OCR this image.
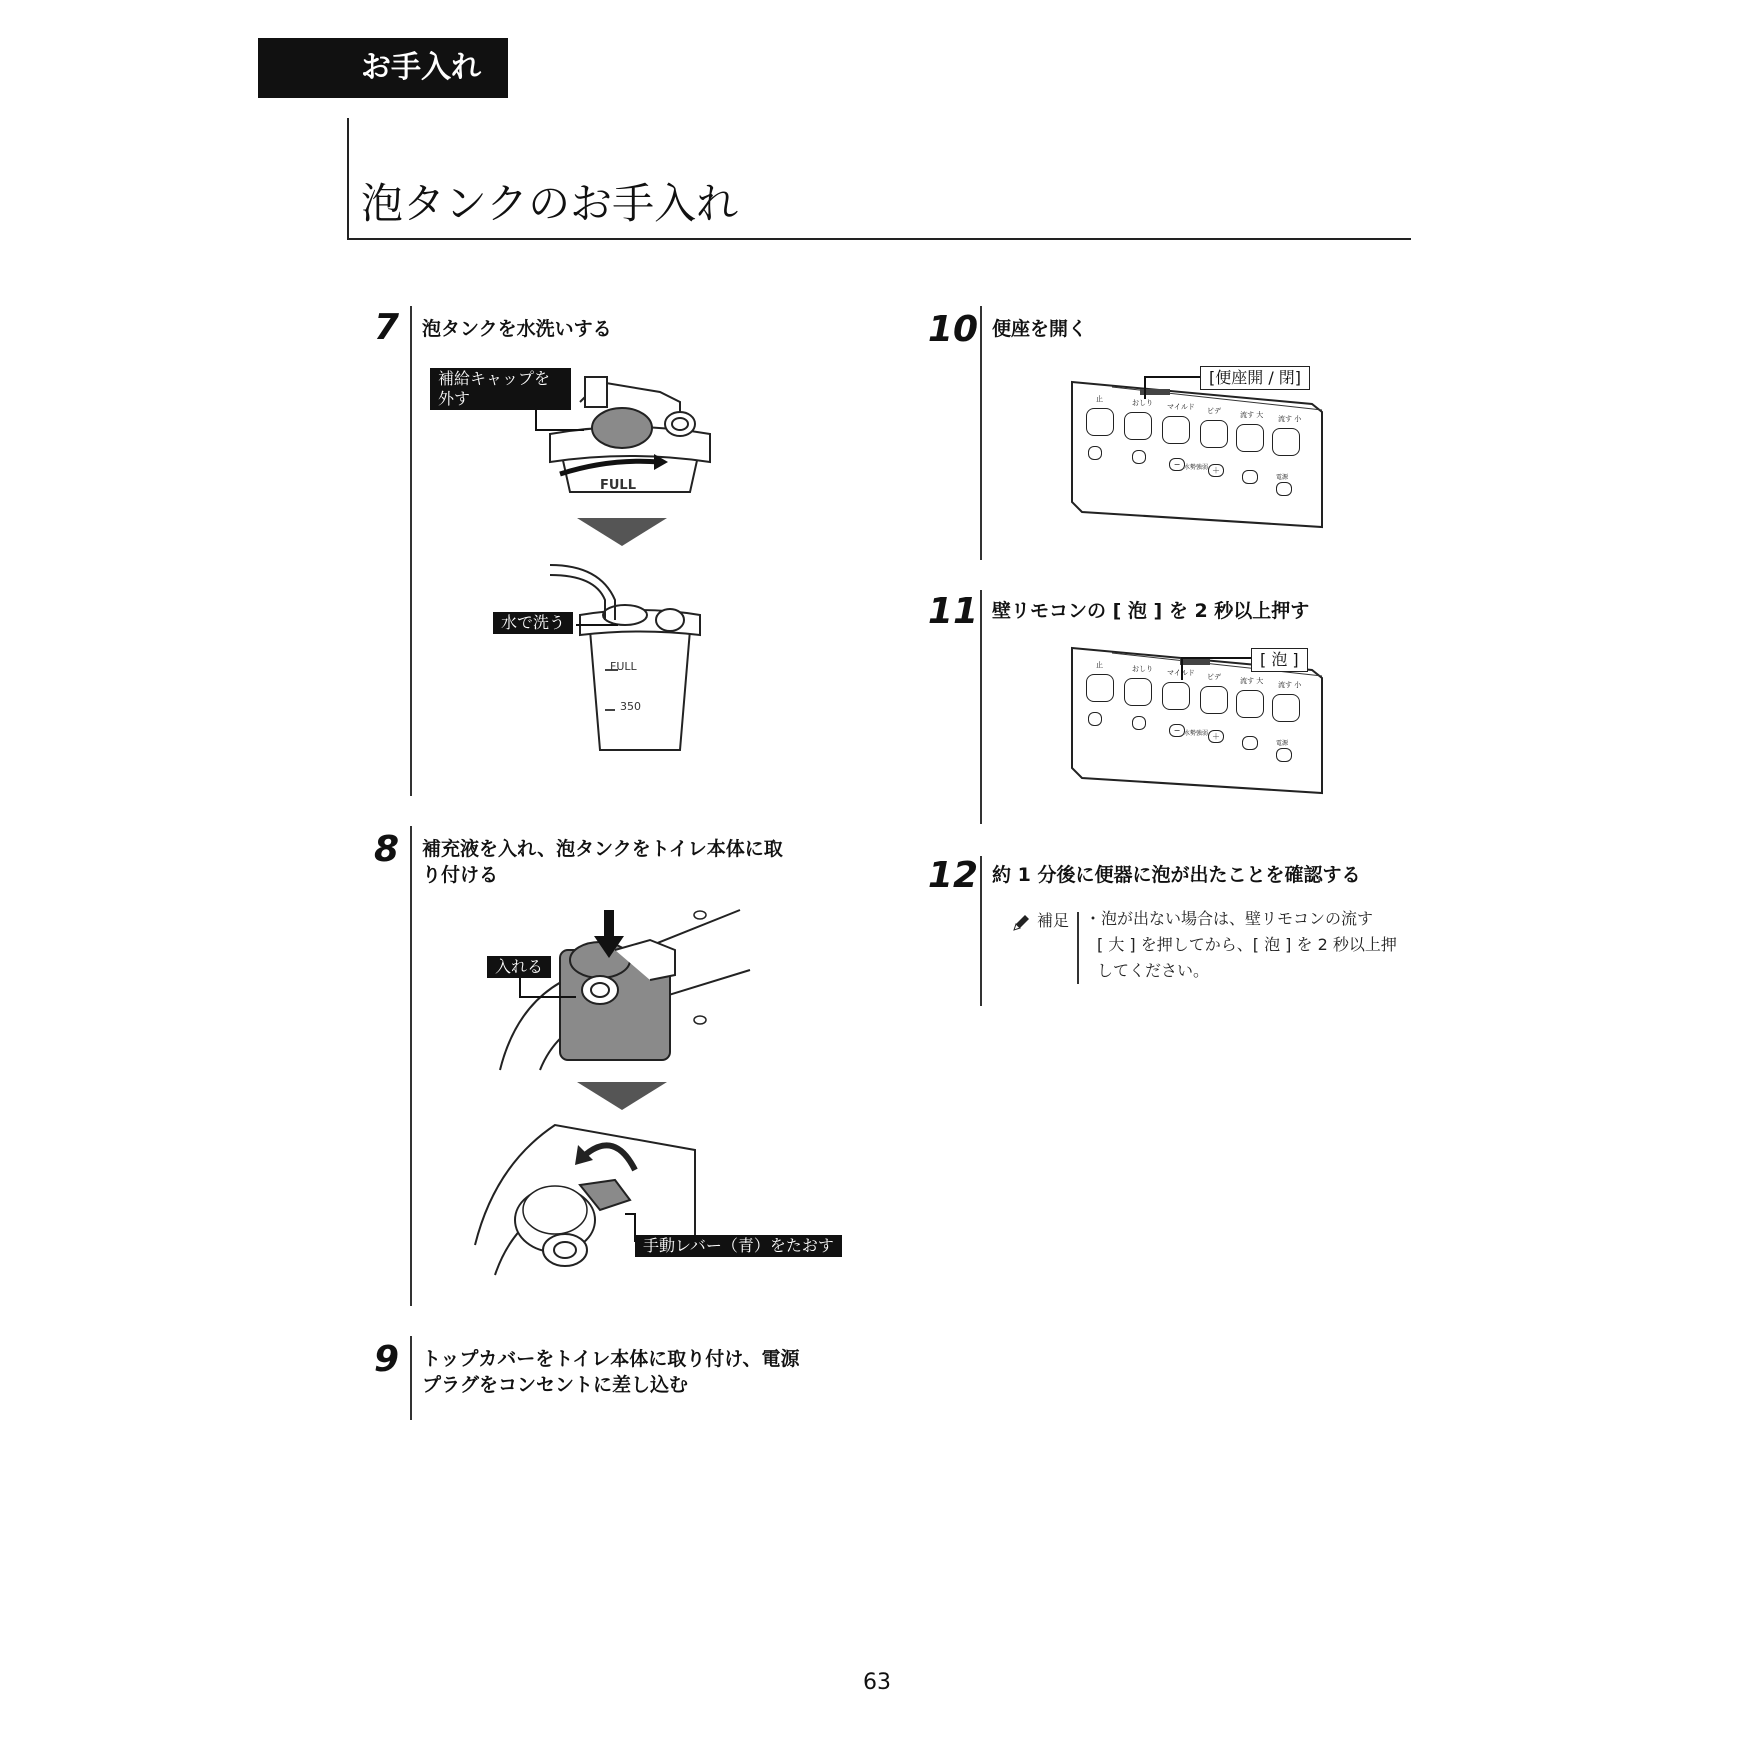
お手入れ
泡タンクのお手入れ
7 泡タンクを水洗いする
FULL
補給キャップを外す
FULL
350
水で洗う
8 補充液を入れ、泡タンクをトイレ本体に取
り付ける
入れる
手動レバー（青）をたおす
9 トップカバーをトイレ本体に取り付け、電源
プラグをコンセントに差し込む
10 便座を開く
止	おしり マイルド ビデ	流す 大 流す 小
− 水勢強弱 ＋
電源
[便座開 / 閉]
11 壁リモコンの [ 泡 ] を 2 秒以上押す
止	おしり マイルド ビデ	流す 大 流す 小
− 水勢強弱 ＋
電源
[ 泡 ]
12 約 1 分後に便器に泡が出たことを確認する
補足 ・泡が出ない場合は、壁リモコンの流す
[ 大 ] を押してから、[ 泡 ] を 2 秒以上押
してください。
63
